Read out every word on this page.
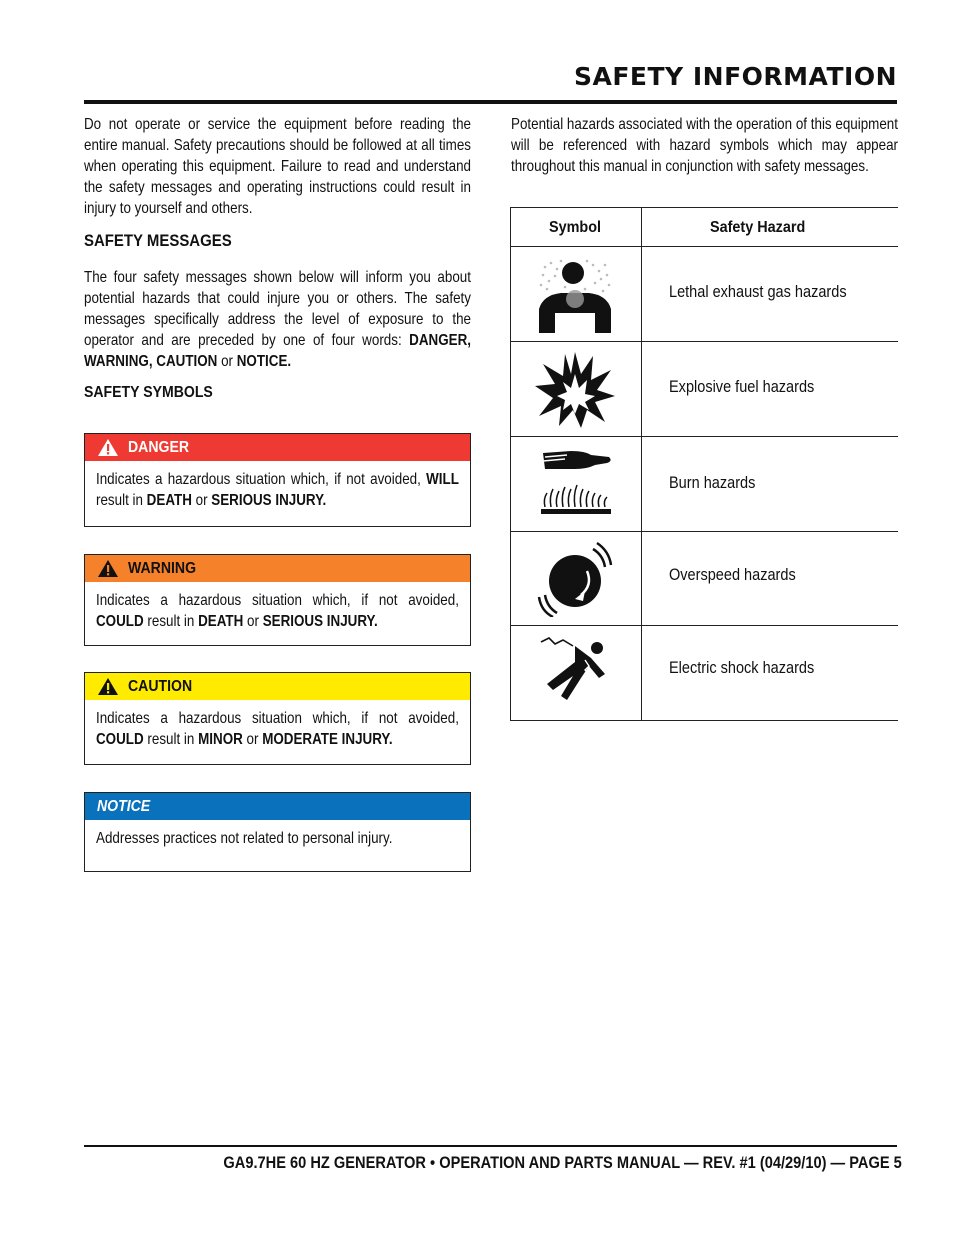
SAFETY INFORMATION

Do not operate or service the equipment before reading the entire manual. Safety precautions should be followed at all times when operating this equipment. Failure to read and understand the safety messages and operating instructions could result in injury to yourself and others.

SAFETY MESSAGES

The four safety messages shown below will inform you about potential hazards that could injure you or others. The safety messages specifically address the level of exposure to the operator and are preceded by one of four words: DANGER, WARNING, CAUTION or NOTICE.

SAFETY SYMBOLS
DANGER
Indicates a hazardous situation which, if not avoided, WILL result in DEATH or SERIOUS INJURY.
WARNING
Indicates a hazardous situation which, if not avoided, COULD result in DEATH or SERIOUS INJURY.
CAUTION
Indicates a hazardous situation which, if not avoided, COULD result in MINOR or MODERATE INJURY.
NOTICE
Addresses practices not related to personal injury.

Potential hazards associated with the operation of this equipment will be referenced with hazard symbols which may appear throughout this manual in conjunction with safety messages.

Symbol	Safety Hazard
Lethal exhaust gas hazards
Explosive fuel hazards
Burn hazards
Overspeed hazards
Electric shock hazards
GA9.7HE 60 HZ GENERATOR • OPERATION AND PARTS MANUAL — REV. #1 (04/29/10) — PAGE 5
